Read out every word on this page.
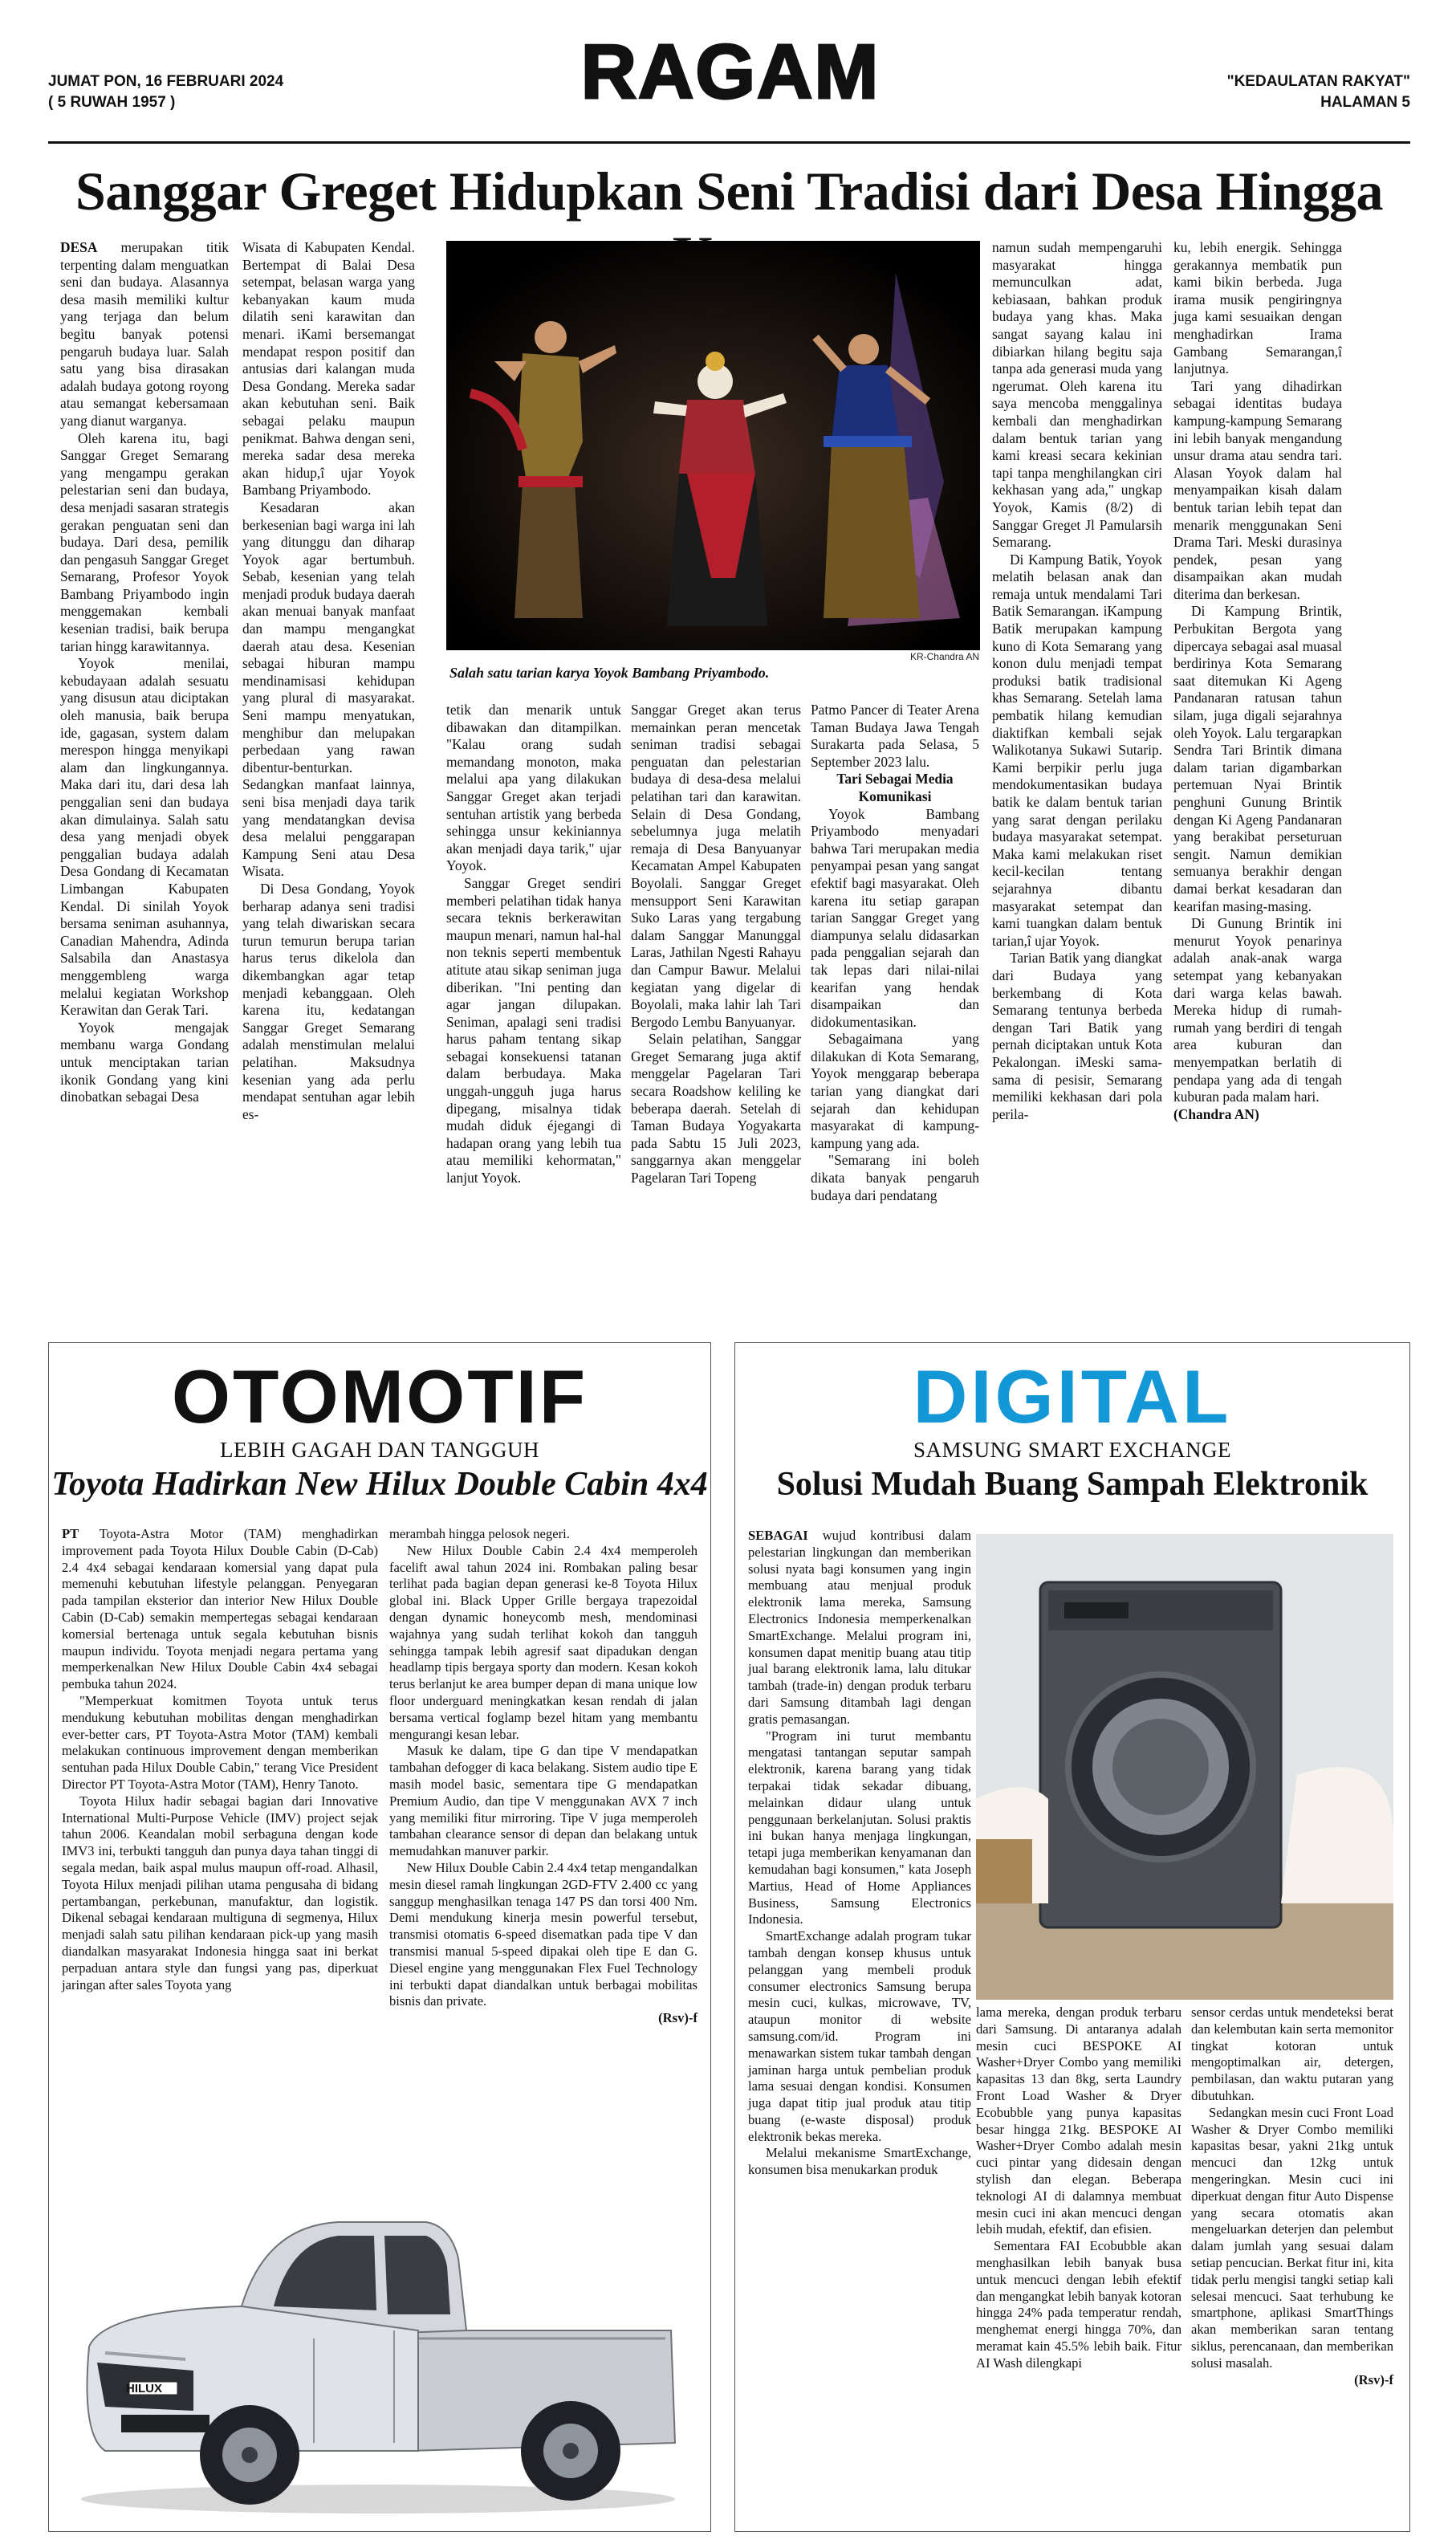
JUMAT PON, 16 FEBRUARI 2024
( 5 RUWAH 1957 )	RAGAM	"KEDAULATAN RAKYAT"
HALAMAN 5
Sanggar Greget Hidupkan Seni Tradisi dari Desa Hingga

DESA merupakan titik terpenting dalam menguatkan seni dan budaya. Alasannya desa masih memiliki kultur yang terjaga dan belum begitu banyak potensi pengaruh budaya luar. Salah satu yang bisa dirasakan adalah budaya gotong royong atau semangat kebersamaan yang dianut warganya.

Oleh karena itu, bagi Sanggar Greget Semarang yang mengampu gerakan pelestarian seni dan budaya, desa menjadi sasaran strategis gerakan penguatan seni dan budaya. Dari desa, pemilik dan pengasuh Sanggar Greget Semarang, Profesor Yoyok Bambang Priyambodo ingin menggemakan kembali kesenian tradisi, baik berupa tarian hingg karawitannya.

Yoyok menilai, kebudayaan adalah sesuatu yang disusun atau diciptakan oleh manusia, baik berupa ide, gagasan, system dalam merespon hingga menyikapi alam dan lingkungannya. Maka dari itu, dari desa lah penggalian seni dan budaya akan dimulainya. Salah satu desa yang menjadi obyek penggalian budaya adalah Desa Gondang di Kecamatan Limbangan Kabupaten Kendal. Di sinilah Yoyok bersama seniman asuhannya, Canadian Mahendra, Adinda Salsabila dan Anastasya menggembleng warga melalui kegiatan Workshop Kerawitan dan Gerak Tari.

Yoyok mengajak membanu warga Gondang untuk menciptakan tarian ikonik Gondang yang kini dinobatkan sebagai Desa

Wisata di Kabupaten Kendal. Bertempat di Balai Desa setempat, belasan warga yang kebanyakan kaum muda dilatih seni karawitan dan menari. iKami bersemangat mendapat respon positif dan antusias dari kalangan muda Desa Gondang. Mereka sadar akan kebutuhan seni. Baik sebagai pelaku maupun penikmat. Bahwa dengan seni, mereka sadar desa mereka akan hidup,î ujar Yoyok Bambang Priyambodo.

Kesadaran akan berkesenian bagi warga ini lah yang ditunggu dan diharap Yoyok agar bertumbuh. Sebab, kesenian yang telah menjadi produk budaya daerah akan menuai banyak manfaat dan mampu mengangkat daerah atau desa. Kesenian sebagai hiburan mampu mendinamisasi kehidupan yang plural di masyarakat. Seni mampu menyatukan, menghibur dan melupakan perbedaan yang rawan dibentur-benturkan. Sedangkan manfaat lainnya, seni bisa menjadi daya tarik yang mendatangkan devisa desa melalui penggarapan Kampung Seni atau Desa Wisata.

Di Desa Gondang, Yoyok berharap adanya seni tradisi yang telah diwariskan secara turun temurun berupa tarian harus terus dikelola dan dikembangkan agar tetap menjadi kebanggaan. Oleh karena itu, kedatangan Sanggar Greget Semarang adalah menstimulan melalui pelatihan. Maksudnya kesenian yang ada perlu mendapat sentuhan agar lebih es-

KR-Chandra AN
Salah satu tarian karya Yoyok Bambang Priyambodo.

tetik dan menarik untuk dibawakan dan ditampilkan. "Kalau orang sudah memandang monoton, maka melalui apa yang dilakukan Sanggar Greget akan terjadi sentuhan artistik yang berbeda sehingga unsur kekiniannya akan menjadi daya tarik," ujar Yoyok.

Sanggar Greget sendiri memberi pelatihan tidak hanya secara teknis berkerawitan maupun menari, namun hal-hal non teknis seperti membentuk atitute atau sikap seniman juga diberikan. "Ini penting dan agar jangan dilupakan. Seniman, apalagi seni tradisi harus paham tentang sikap sebagai konsekuensi tatanan dalam berbudaya. Maka unggah-ungguh juga harus dipegang, misalnya tidak mudah diduk éjegangi di hadapan orang yang lebih tua atau memiliki kehormatan," lanjut Yoyok.

Sanggar Greget akan terus memainkan peran mencetak seniman tradisi sebagai penguatan dan pelestarian budaya di desa-desa melalui pelatihan tari dan karawitan. Selain di Desa Gondang, sebelumnya juga melatih remaja di Desa Banyuanyar Kecamatan Ampel Kabupaten Boyolali. Sanggar Greget mensupport Seni Karawitan Suko Laras yang tergabung dalam Sanggar Manunggal Laras, Jathilan Ngesti Rahayu dan Campur Bawur. Melalui kegiatan yang digelar di Boyolali, maka lahir lah Tari Bergodo Lembu Banyuanyar.

Selain pelatihan, Sanggar Greget Semarang juga aktif menggelar Pagelaran Tari secara Roadshow keliling ke beberapa daerah. Setelah di Taman Budaya Yogyakarta pada Sabtu 15 Juli 2023, sanggarnya akan menggelar Pagelaran Tari Topeng

Patmo Pancer di Teater Arena Taman Budaya Jawa Tengah Surakarta pada Selasa, 5 September 2023 lalu.

Tari Sebagai Media Komunikasi

Yoyok Bambang Priyambodo menyadari bahwa Tari merupakan media penyampai pesan yang sangat efektif bagi masyarakat. Oleh karena itu setiap garapan tarian Sanggar Greget yang diampunya selalu didasarkan pada penggalian sejarah dan tak lepas dari nilai-nilai kearifan yang hendak disampaikan dan didokumentasikan.

Sebagaimana yang dilakukan di Kota Semarang, Yoyok menggarap beberapa tarian yang diangkat dari sejarah dan kehidupan masyarakat di kampung-kampung yang ada.

"Semarang ini boleh dikata banyak pengaruh budaya dari pendatang

namun sudah mempengaruhi masyarakat hingga memunculkan adat, kebiasaan, bahkan produk budaya yang khas. Maka sangat sayang kalau ini dibiarkan hilang begitu saja tanpa ada generasi muda yang ngerumat. Oleh karena itu saya mencoba menggalinya kembali dan menghadirkan dalam bentuk tarian yang kami kreasi secara kekinian tapi tanpa menghilangkan ciri kekhasan yang ada," ungkap Yoyok, Kamis (8/2) di Sanggar Greget Jl Pamularsih Semarang.

Di Kampung Batik, Yoyok melatih belasan anak dan remaja untuk mendalami Tari Batik Semarangan. iKampung Batik merupakan kampung kuno di Kota Semarang yang konon dulu menjadi tempat produksi batik tradisional khas Semarang. Setelah lama pembatik hilang kemudian diaktifkan kembali sejak Walikotanya Sukawi Sutarip. Kami berpikir perlu juga mendokumentasikan budaya batik ke dalam bentuk tarian yang sarat dengan perilaku budaya masyarakat setempat. Maka kami melakukan riset kecil-kecilan tentang sejarahnya dibantu masyarakat setempat dan kami tuangkan dalam bentuk tarian,î ujar Yoyok.

Tarian Batik yang diangkat dari Budaya yang berkembang di Kota Semarang tentunya berbeda dengan Tari Batik yang pernah diciptakan untuk Kota Pekalongan. iMeski sama-sama di pesisir, Semarang memiliki kekhasan dari pola perila-

ku, lebih energik. Sehingga gerakannya membatik pun kami bikin berbeda. Juga irama musik pengiringnya juga kami sesuaikan dengan menghadirkan Irama Gambang Semarangan,î lanjutnya.

Tari yang dihadirkan sebagai identitas budaya kampung-kampung Semarang ini lebih banyak mengandung unsur drama atau sendra tari. Alasan Yoyok dalam hal menyampaikan kisah dalam bentuk tarian lebih tepat dan menarik menggunakan Seni Drama Tari. Meski durasinya pendek, pesan yang disampaikan akan mudah diterima dan berkesan.

Di Kampung Brintik, Perbukitan Bergota yang dipercaya sebagai asal muasal berdirinya Kota Semarang saat ditemukan Ki Ageng Pandanaran ratusan tahun silam, juga digali sejarahnya oleh Yoyok. Lalu tergarapkan Sendra Tari Brintik dimana dalam tarian digambarkan pertemuan Nyai Brintik penghuni Gunung Brintik dengan Ki Ageng Pandanaran yang berakibat perseturuan sengit. Namun demikian semuanya berakhir dengan damai berkat kesadaran dan kearifan masing-masing.

Di Gunung Brintik ini menurut Yoyok penarinya adalah anak-anak warga setempat yang kebanyakan dari warga kelas bawah. Mereka hidup di rumah-rumah yang berdiri di tengah area kuburan dan menyempatkan berlatih di pendapa yang ada di tengah kuburan pada malam hari.

(Chandra AN)

OTOMOTIF
LEBIH GAGAH DAN TANGGUH
Toyota Hadirkan New Hilux Double Cabin 4x4

PT Toyota-Astra Motor (TAM) menghadirkan improvement pada Toyota Hilux Double Cabin (D-Cab) 2.4 4x4 sebagai kendaraan komersial yang dapat pula memenuhi kebutuhan lifestyle pelanggan. Penyegaran pada tampilan eksterior dan interior New Hilux Double Cabin (D-Cab) semakin mempertegas sebagai kendaraan komersial bertenaga untuk segala kebutuhan bisnis maupun individu. Toyota menjadi negara pertama yang memperkenalkan New Hilux Double Cabin 4x4 sebagai pembuka tahun 2024.

"Memperkuat komitmen Toyota untuk terus mendukung kebutuhan mobilitas dengan menghadirkan ever-better cars, PT Toyota-Astra Motor (TAM) kembali melakukan continuous improvement dengan memberikan sentuhan pada Hilux Double Cabin," terang Vice President Director PT Toyota-Astra Motor (TAM), Henry Tanoto.

Toyota Hilux hadir sebagai bagian dari Innovative International Multi-Purpose Vehicle (IMV) project sejak tahun 2006. Keandalan mobil serbaguna dengan kode IMV3 ini, terbukti tangguh dan punya daya tahan tinggi di segala medan, baik aspal mulus maupun off-road. Alhasil, Toyota Hilux menjadi pilihan utama pengusaha di bidang pertambangan, perkebunan, manufaktur, dan logistik. Dikenal sebagai kendaraan multiguna di segmenya, Hilux menjadi salah satu pilihan kendaraan pick-up yang masih diandalkan masyarakat Indonesia hingga saat ini berkat perpaduan antara style dan fungsi yang pas, diperkuat jaringan after sales Toyota yang

merambah hingga pelosok negeri.

New Hilux Double Cabin 2.4 4x4 memperoleh facelift awal tahun 2024 ini. Rombakan paling besar terlihat pada bagian depan generasi ke-8 Toyota Hilux global ini. Black Upper Grille bergaya trapezoidal dengan dynamic honeycomb mesh, mendominasi wajahnya yang sudah terlihat kokoh dan tangguh sehingga tampak lebih agresif saat dipadukan dengan headlamp tipis bergaya sporty dan modern. Kesan kokoh terus berlanjut ke area bumper depan di mana unique low floor underguard meningkatkan kesan rendah di jalan bersama vertical foglamp bezel hitam yang membantu mengurangi kesan lebar.

Masuk ke dalam, tipe G dan tipe V mendapatkan tambahan defogger di kaca belakang. Sistem audio tipe E masih model basic, sementara tipe G mendapatkan Premium Audio, dan tipe V menggunakan AVX 7 inch yang memiliki fitur mirroring. Tipe V juga memperoleh tambahan clearance sensor di depan dan belakang untuk memudahkan manuver parkir.

New Hilux Double Cabin 2.4 4x4 tetap mengandalkan mesin diesel ramah lingkungan 2GD-FTV 2.400 cc yang sanggup menghasilkan tenaga 147 PS dan torsi 400 Nm. Demi mendukung kinerja mesin powerful tersebut, transmisi otomatis 6-speed disematkan pada tipe V dan transmisi manual 5-speed dipakai oleh tipe E dan G. Diesel engine yang menggunakan Flex Fuel Technology ini terbukti dapat diandalkan untuk berbagai mobilitas bisnis dan private.

(Rsv)-f

HILUX
DIGITAL
SAMSUNG SMART EXCHANGE
Solusi Mudah Buang Sampah Elektronik

SEBAGAI wujud kontribusi dalam pelestarian lingkungan dan memberikan solusi nyata bagi konsumen yang ingin membuang atau menjual produk elektronik lama mereka, Samsung Electronics Indonesia memperkenalkan SmartExchange. Melalui program ini, konsumen dapat menitip buang atau titip jual barang elektronik lama, lalu ditukar tambah (trade-in) dengan produk terbaru dari Samsung ditambah lagi dengan gratis pemasangan.

"Program ini turut membantu mengatasi tantangan seputar sampah elektronik, karena barang yang tidak terpakai tidak sekadar dibuang, melainkan didaur ulang untuk penggunaan berkelanjutan. Solusi praktis ini bukan hanya menjaga lingkungan, tetapi juga memberikan kenyamanan dan kemudahan bagi konsumen," kata Joseph Martius, Head of Home Appliances Business, Samsung Electronics Indonesia.

SmartExchange adalah program tukar tambah dengan konsep khusus untuk pelanggan yang membeli produk consumer electronics Samsung berupa mesin cuci, kulkas, microwave, TV, ataupun monitor di website samsung.com/id. Program ini menawarkan sistem tukar tambah dengan jaminan harga untuk pembelian produk lama sesuai dengan kondisi. Konsumen juga dapat titip jual produk atau titip buang (e-waste disposal) produk elektronik bekas mereka.

Melalui mekanisme SmartExchange, konsumen bisa menukarkan produk

lama mereka, dengan produk terbaru dari Samsung. Di antaranya adalah mesin cuci BESPOKE AI Washer+Dryer Combo yang memiliki kapasitas 13 dan 8kg, serta Laundry Front Load Washer & Dryer Ecobubble yang punya kapasitas besar hingga 21kg. BESPOKE AI Washer+Dryer Combo adalah mesin cuci pintar yang didesain dengan stylish dan elegan. Beberapa teknologi AI di dalamnya membuat mesin cuci ini akan mencuci dengan lebih mudah, efektif, dan efisien.

Sementara FAI Ecobubble akan menghasilkan lebih banyak busa untuk mencuci dengan lebih efektif dan mengangkat lebih banyak kotoran hingga 24% pada temperatur rendah, menghemat energi hingga 70%, dan meramat kain 45.5% lebih baik. Fitur AI Wash dilengkapi

sensor cerdas untuk mendeteksi berat dan kelembutan kain serta memonitor tingkat kotoran untuk mengoptimalkan air, detergen, pembilasan, dan waktu putaran yang dibutuhkan.

Sedangkan mesin cuci Front Load Washer & Dryer Combo memiliki kapasitas besar, yakni 21kg untuk mencuci dan 12kg untuk mengeringkan. Mesin cuci ini diperkuat dengan fitur Auto Dispense yang secara otomatis akan mengeluarkan deterjen dan pelembut dalam jumlah yang sesuai dalam setiap pencucian. Berkat fitur ini, kita tidak perlu mengisi tangki setiap kali selesai mencuci. Saat terhubung ke smartphone, aplikasi SmartThings akan memberikan saran tentang siklus, perencanaan, dan memberikan solusi masalah.

(Rsv)-f
